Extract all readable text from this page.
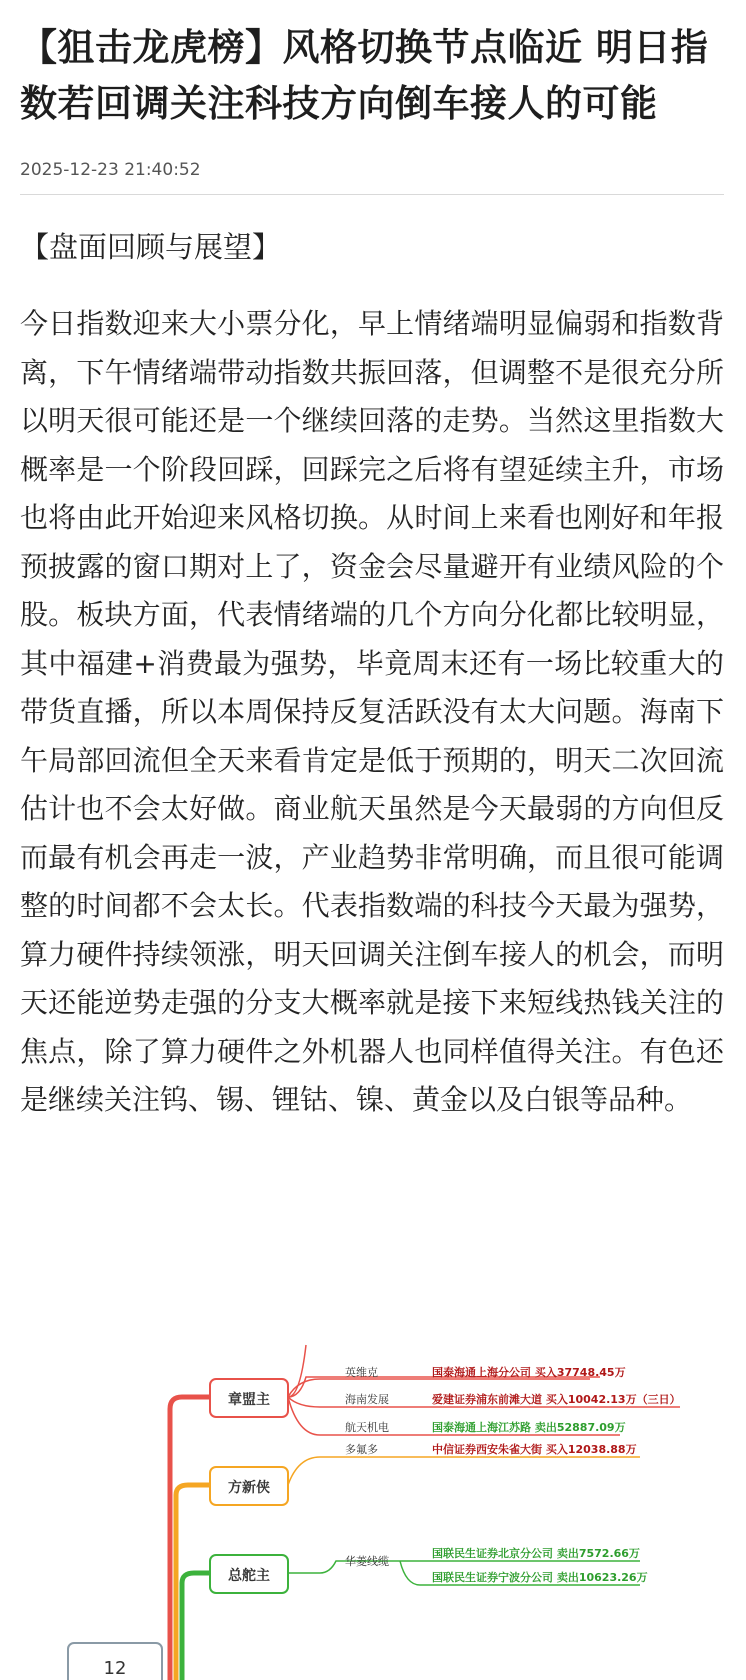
【狙击龙虎榜】风格切换节点临近 明日指数若回调关注科技方向倒车接人的可能
2025-12-23 21:40:52
【盘面回顾与展望】
今日指数迎来大小票分化，早上情绪端明显偏弱和指数背离，下午情绪端带动指数共振回落，但调整不是很充分所以明天很可能还是一个继续回落的走势。当然这里指数大概率是一个阶段回踩，回踩完之后将有望延续主升，市场也将由此开始迎来风格切换。从时间上来看也刚好和年报预披露的窗口期对上了，资金会尽量避开有业绩风险的个股。板块方面，代表情绪端的几个方向分化都比较明显，其中福建+消费最为强势，毕竟周末还有一场比较重大的带货直播，所以本周保持反复活跃没有太大问题。海南下午局部回流但全天来看肯定是低于预期的，明天二次回流估计也不会太好做。商业航天虽然是今天最弱的方向但反而最有机会再走一波，产业趋势非常明确，而且很可能调整的时间都不会太长。代表指数端的科技今天最为强势，算力硬件持续领涨，明天回调关注倒车接人的机会，而明天还能逆势走强的分支大概率就是接下来短线热钱关注的焦点，除了算力硬件之外机器人也同样值得关注。有色还是继续关注钨、锡、锂钴、镍、黄金以及白银等品种。
12
章盟主
方新侠
总舵主
英维克	国泰海通上海分公司 买入37748.45万
海南发展	爱建证券浦东前滩大道 买入10042.13万（三日）
航天机电	国泰海通上海江苏路 卖出52887.09万
多氟多	中信证券西安朱雀大街 买入12038.88万
华菱线缆
国联民生证券北京分公司 卖出7572.66万
国联民生证券宁波分公司 卖出10623.26万
